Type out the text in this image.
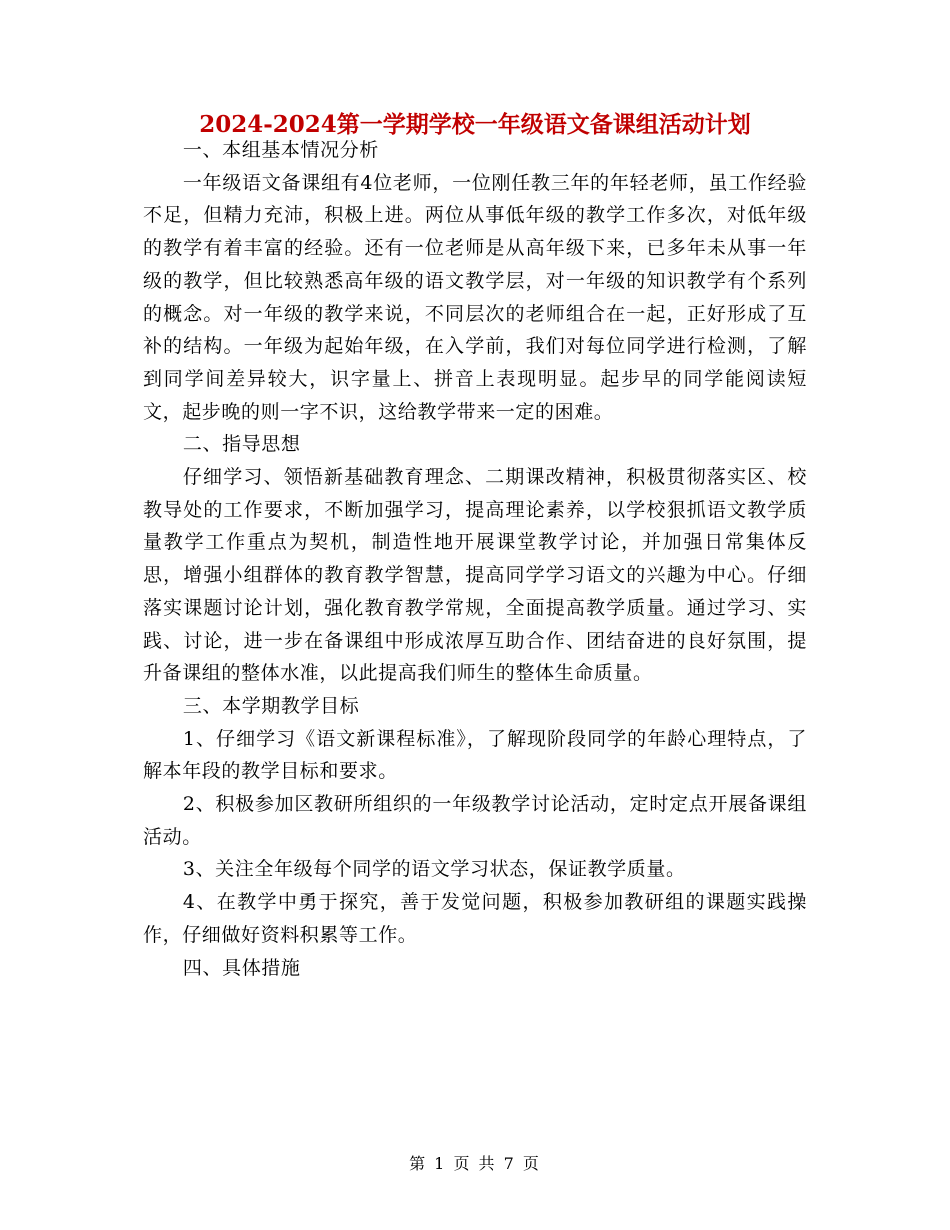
2024-2024第一学期学校一年级语文备课组活动计划

一、本组基本情况分析

一年级语文备课组有4位老师，一位刚任教三年的年轻老师，虽工作经验不足，但精力充沛，积极上进。两位从事低年级的教学工作多次，对低年级的教学有着丰富的经验。还有一位老师是从高年级下来，已多年未从事一年级的教学，但比较熟悉高年级的语文教学层，对一年级的知识教学有个系列的概念。对一年级的教学来说，不同层次的老师组合在一起，正好形成了互补的结构。一年级为起始年级，在入学前，我们对每位同学进行检测，了解到同学间差异较大，识字量上、拼音上表现明显。起步早的同学能阅读短文，起步晚的则一字不识，这给教学带来一定的困难。

二、指导思想

仔细学习、领悟新基础教育理念、二期课改精神，积极贯彻落实区、校教导处的工作要求，不断加强学习，提高理论素养，以学校狠抓语文教学质量教学工作重点为契机，制造性地开展课堂教学讨论，并加强日常集体反思，增强小组群体的教育教学智慧，提高同学学习语文的兴趣为中心。仔细落实课题讨论计划，强化教育教学常规，全面提高教学质量。通过学习、实践、讨论，进一步在备课组中形成浓厚互助合作、团结奋进的良好氛围，提升备课组的整体水准，以此提高我们师生的整体生命质量。

三、本学期教学目标

1、仔细学习《语文新课程标准》，了解现阶段同学的年龄心理特点，了解本年段的教学目标和要求。

2、积极参加区教研所组织的一年级教学讨论活动，定时定点开展备课组活动。

3、关注全年级每个同学的语文学习状态，保证教学质量。

4、在教学中勇于探究，善于发觉问题，积极参加教研组的课题实践操作，仔细做好资料积累等工作。

四、具体措施

第 1 页 共 7 页
